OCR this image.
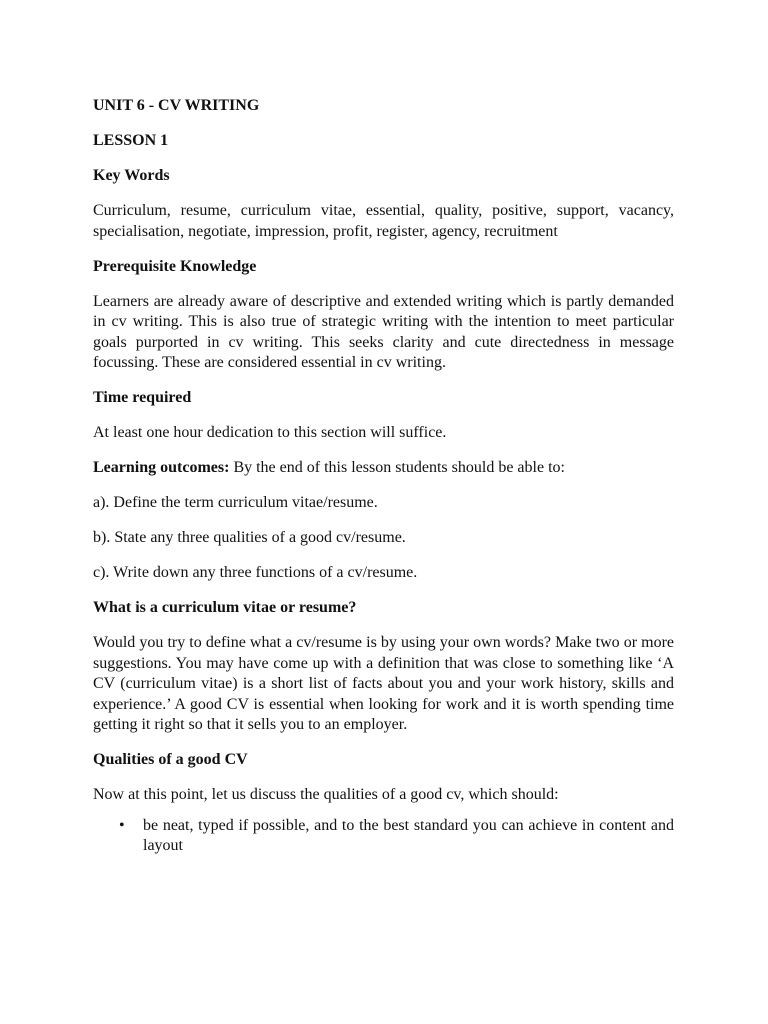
UNIT 6 - CV WRITING

LESSON 1

Key Words

Curriculum, resume, curriculum vitae, essential, quality, positive, support, vacancy, specialisation, negotiate, impression, profit, register, agency, recruitment

Prerequisite Knowledge

Learners are already aware of descriptive and extended writing which is partly demanded in cv writing. This is also true of strategic writing with the intention to meet particular goals purported in cv writing. This seeks clarity and cute directedness in message focussing. These are considered essential in cv writing.

Time required

At least one hour dedication to this section will suffice.

Learning outcomes: By the end of this lesson students should be able to:

a). Define the term curriculum vitae/resume.

b). State any three qualities of a good cv/resume.

c). Write down any three functions of a cv/resume.

What is a curriculum vitae or resume?

Would you try to define what a cv/resume is by using your own words? Make two or more suggestions. You may have come up with a definition that was close to something like ‘A CV (curriculum vitae) is a short list of facts about you and your work history, skills and experience.’ A good CV is essential when looking for work and it is worth spending time getting it right so that it sells you to an employer.

Qualities of a good CV

Now at this point, let us discuss the qualities of a good cv, which should:

• be neat, typed if possible, and to the best standard you can achieve in content and layout
